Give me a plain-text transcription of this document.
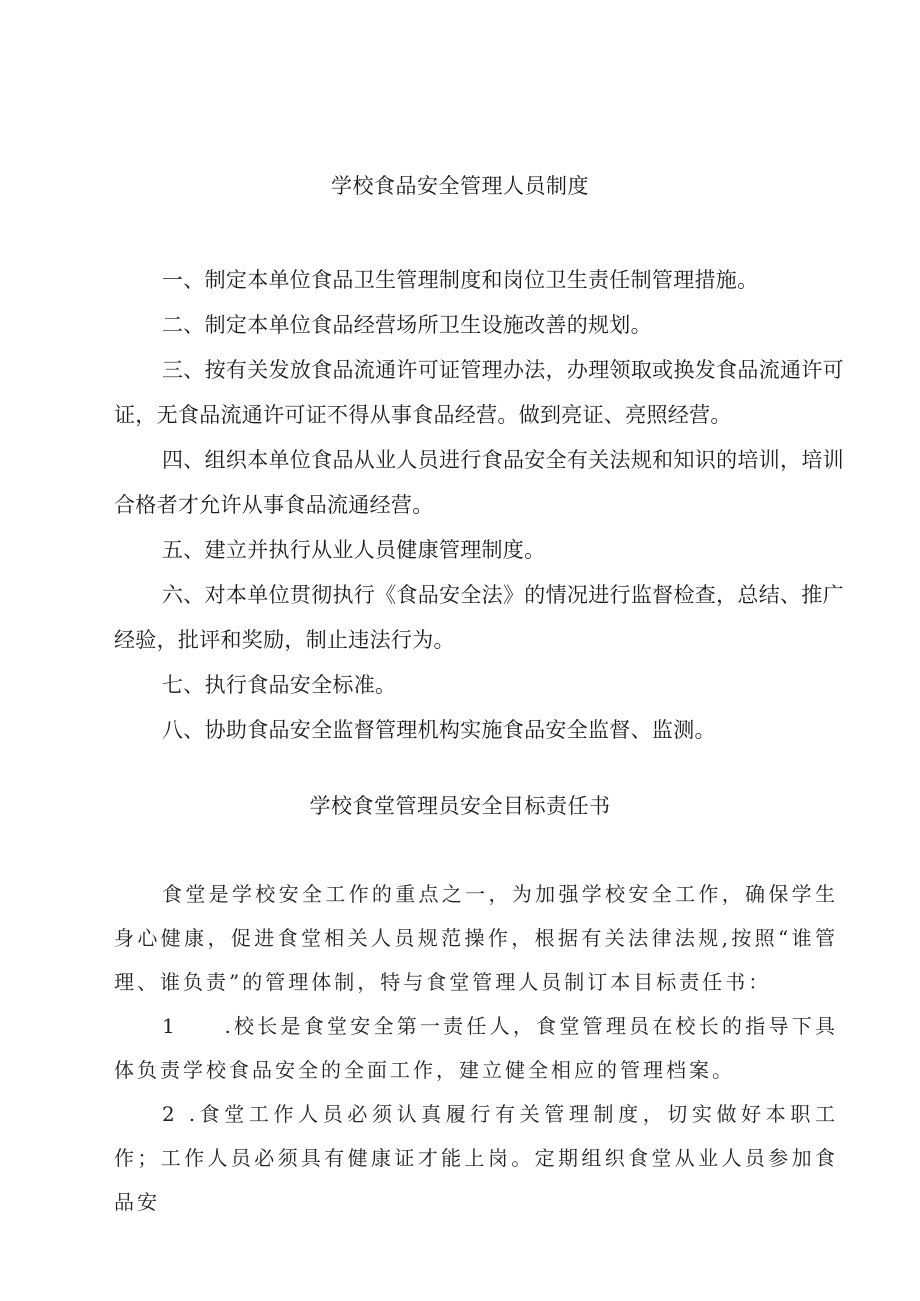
学校食品安全管理人员制度

一、制定本单位食品卫生管理制度和岗位卫生责任制管理措施。

二、制定本单位食品经营场所卫生设施改善的规划。

三、按有关发放食品流通许可证管理办法，办理领取或换发食品流通许可证，无食品流通许可证不得从事食品经营。做到亮证、亮照经营。

四、组织本单位食品从业人员进行食品安全有关法规和知识的培训，培训合格者才允许从事食品流通经营。

五、建立并执行从业人员健康管理制度。

六、对本单位贯彻执行《食品安全法》的情况进行监督检查，总结、推广经验，批评和奖励，制止违法行为。

七、执行食品安全标准。

八、协助食品安全监督管理机构实施食品安全监督、监测。

学校食堂管理员安全目标责任书

食堂是学校安全工作的重点之一，为加强学校安全工作，确保学生身心健康，促进食堂相关人员规范操作，根据有关法律法规,按照“谁管理、谁负责”的管理体制，特与食堂管理人员制订本目标责任书：

1　　.校长是食堂安全第一责任人，食堂管理员在校长的指导下具体负责学校食品安全的全面工作，建立健全相应的管理档案。

2 .食堂工作人员必须认真履行有关管理制度，切实做好本职工作；工作人员必须具有健康证才能上岗。定期组织食堂从业人员参加食品安
